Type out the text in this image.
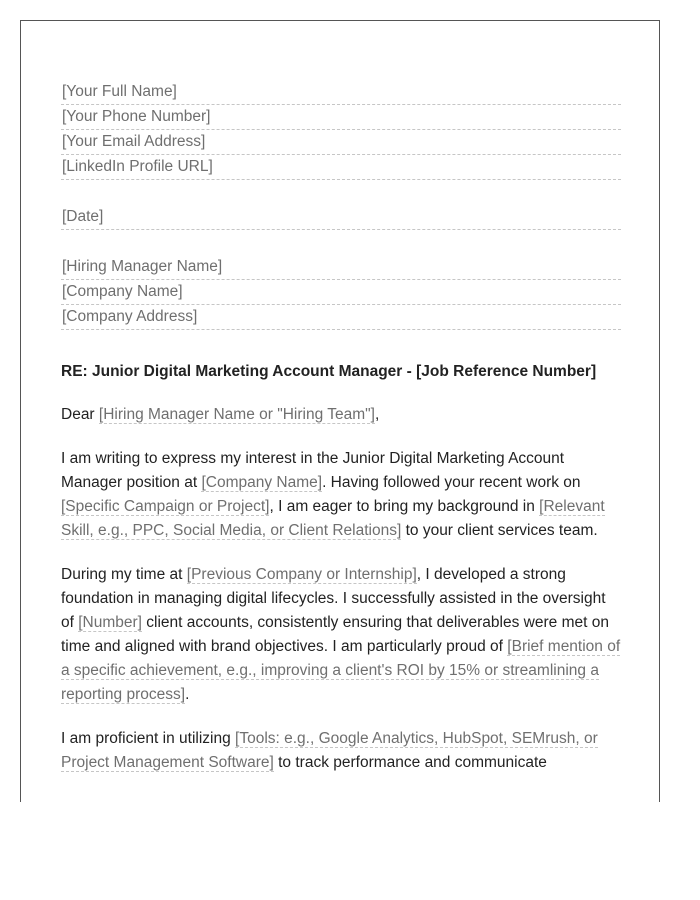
[Your Full Name]
[Your Phone Number]
[Your Email Address]
[LinkedIn Profile URL]
[Date]
[Hiring Manager Name]
[Company Name]
[Company Address]
RE: Junior Digital Marketing Account Manager - [Job Reference Number]

Dear [Hiring Manager Name or "Hiring Team"],

I am writing to express my interest in the Junior Digital Marketing Account Manager position at [Company Name]. Having followed your recent work on [Specific Campaign or Project], I am eager to bring my background in [Relevant Skill, e.g., PPC, Social Media, or Client Relations] to your client services team.

During my time at [Previous Company or Internship], I developed a strong foundation in managing digital lifecycles. I successfully assisted in the oversight of [Number] client accounts, consistently ensuring that deliverables were met on time and aligned with brand objectives. I am particularly proud of [Brief mention of a specific achievement, e.g., improving a client's ROI by 15% or streamlining a reporting process].

I am proficient in utilizing [Tools: e.g., Google Analytics, HubSpot, SEMrush, or Project Management Software] to track performance and communicate
